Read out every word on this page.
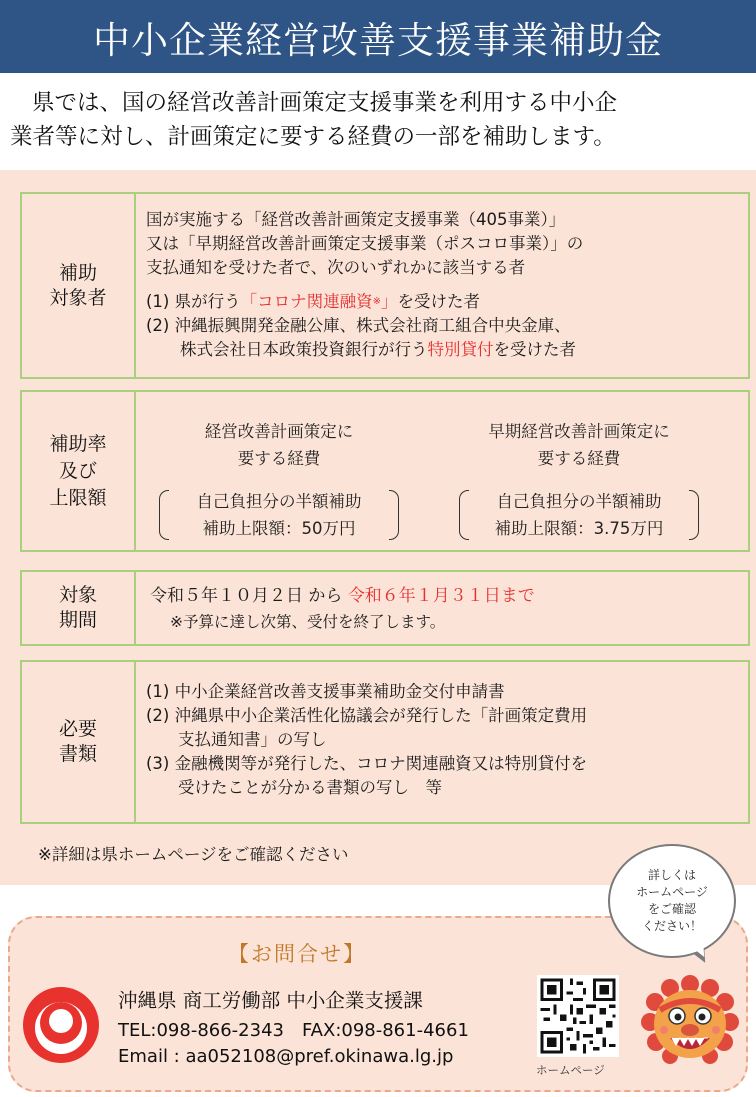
中小企業経営改善支援事業補助金
県では、国の経営改善計画策定支援事業を利用する中小企
業者等に対し、計画策定に要する経費の一部を補助します。
補助
対象者
国が実施する「経営改善計画策定支援事業（405事業）」
又は「早期経営改善計画策定支援事業（ポスコロ事業）」の
支払通知を受けた者で、次のいずれかに該当する者
(1) 県が行う「コロナ関連融資※」を受けた者
(2) 沖縄振興開発金融公庫、株式会社商工組合中央金庫、
株式会社日本政策投資銀行が行う特別貸付を受けた者
補助率
及び
上限額
経営改善計画策定に
要する経費
自己負担分の半額補助
補助上限額：50万円
早期経営改善計画策定に
要する経費
自己負担分の半額補助
補助上限額：3.75万円
対象
期間
令和５年１０月２日 から 令和６年１月３１日まで
※予算に達し次第、受付を終了します。
必要
書類
(1) 中小企業経営改善支援事業補助金交付申請書
(2) 沖縄県中小企業活性化協議会が発行した「計画策定費用
支払通知書」の写し
(3) 金融機関等が発行した、コロナ関連融資又は特別貸付を
受けたことが分かる書類の写し　等
※詳細は県ホームページをご確認ください
詳しくは
ホームページ
をご確認
ください！
【お問合せ】
沖縄県 商工労働部 中小企業支援課
TEL:098-866-2343　FAX:098-861-4661
Email : aa052108@pref.okinawa.lg.jp
ホームページ
